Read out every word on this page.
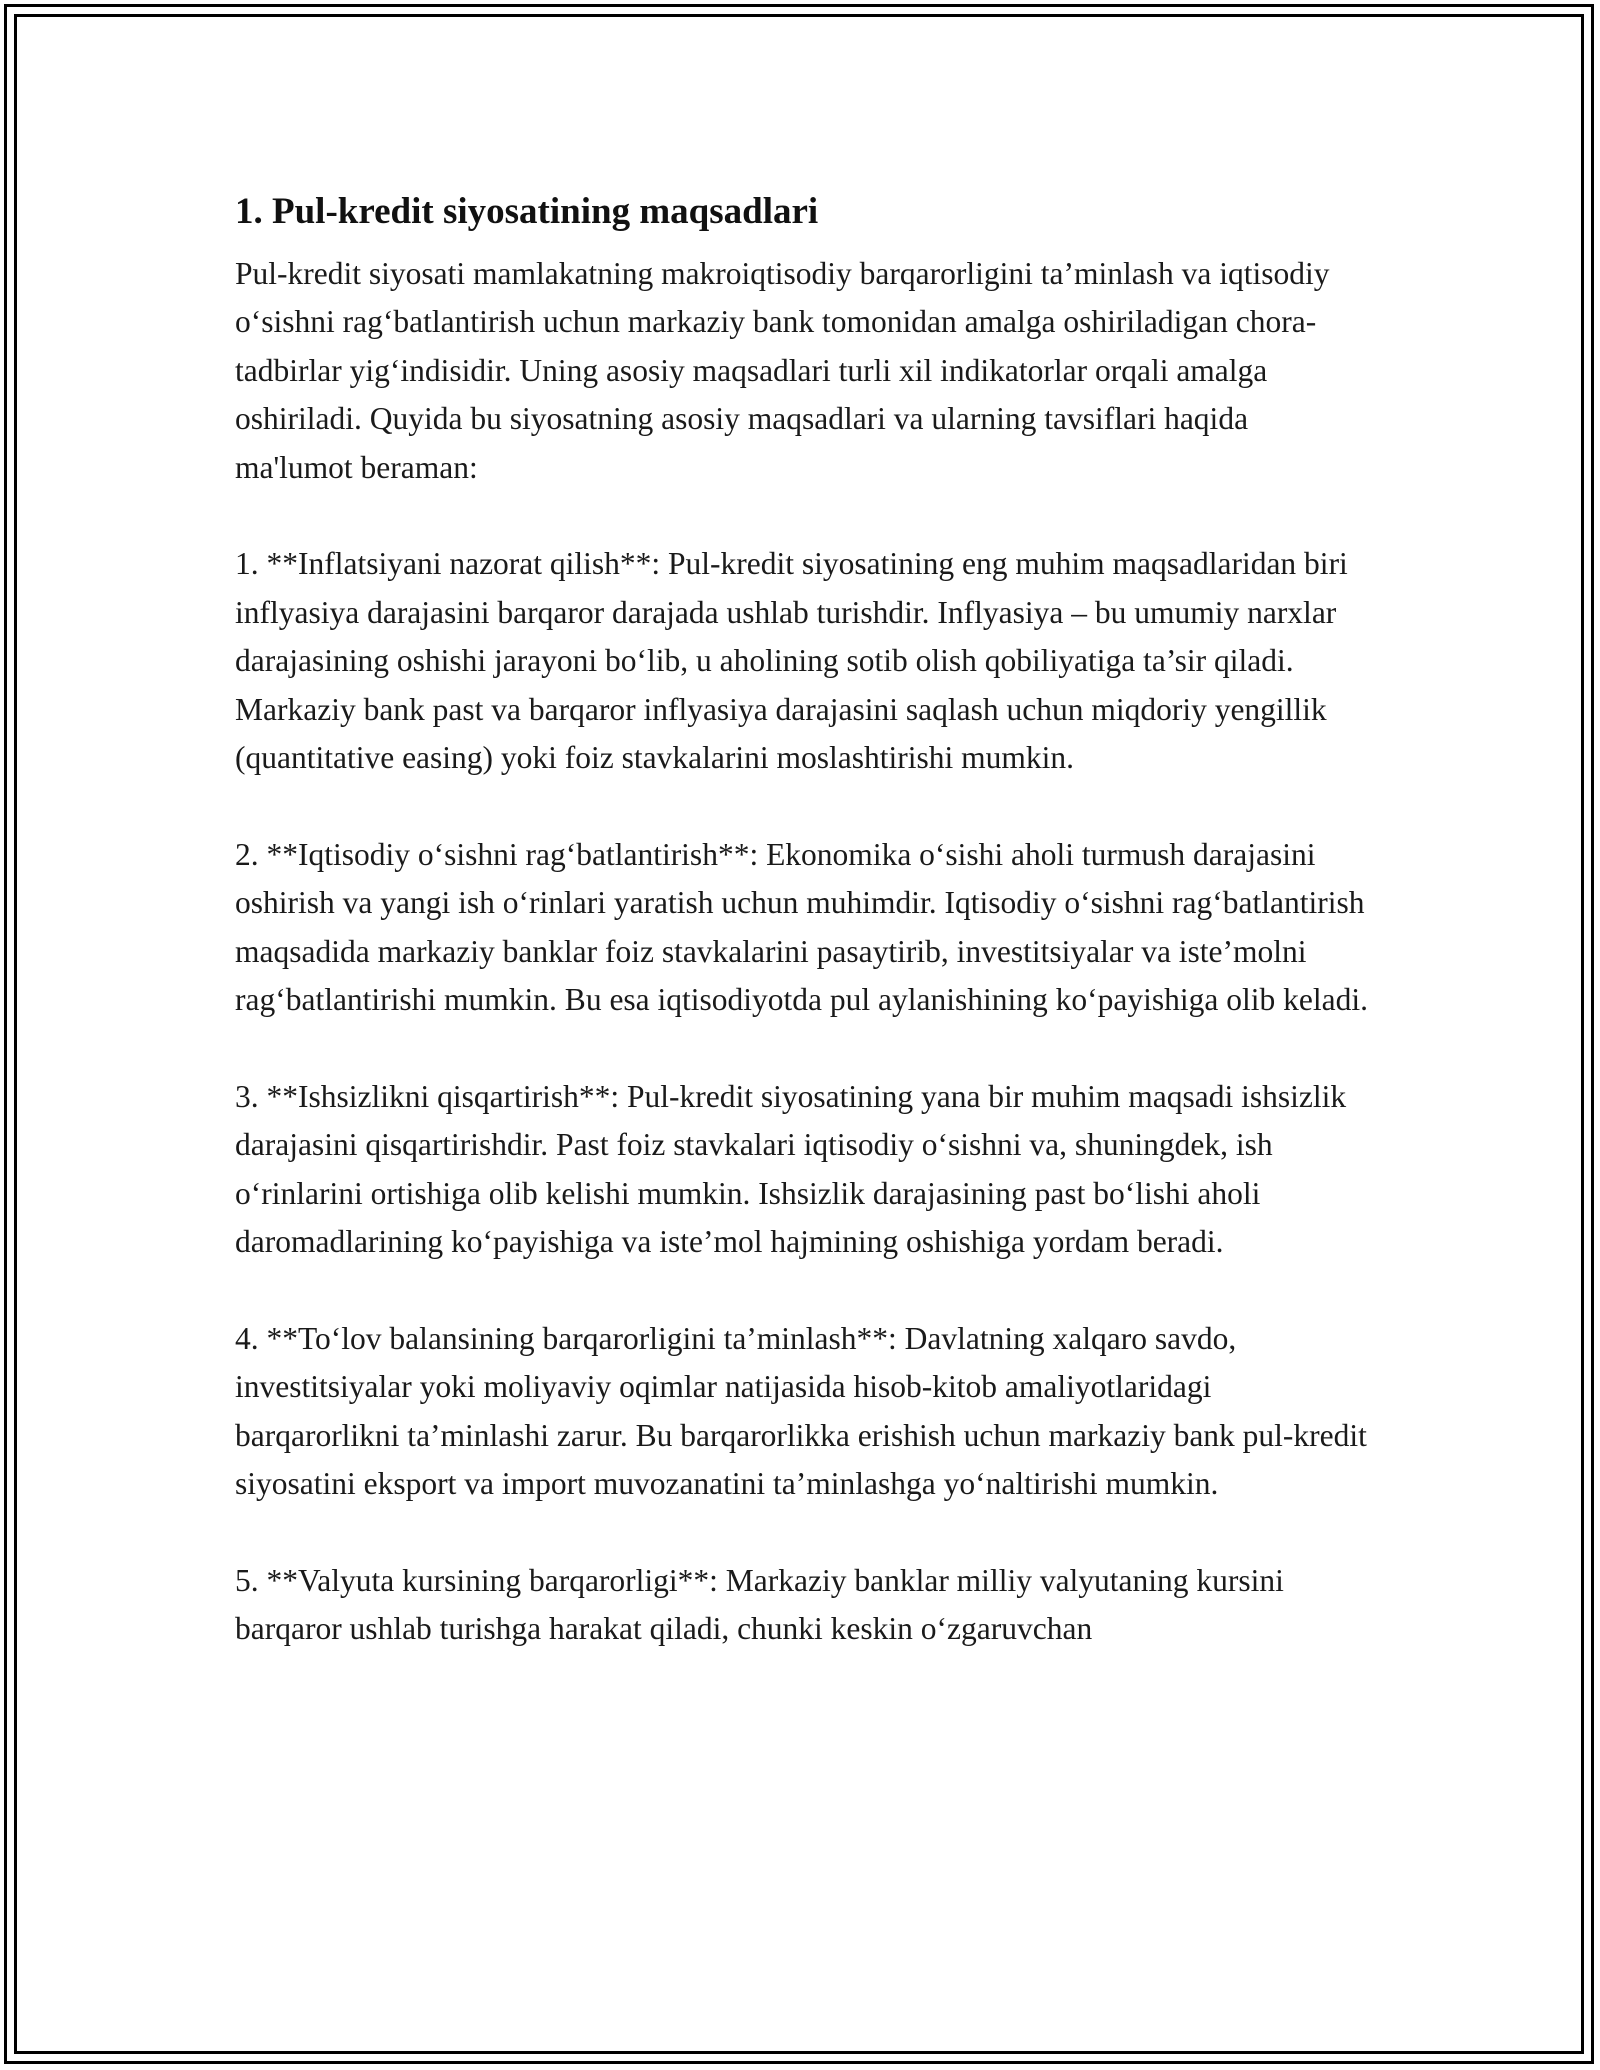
1. Pul-kredit siyosatining maqsadlari

Pul-kredit siyosati mamlakatning makroiqtisodiy barqarorligini ta’minlash va iqtisodiy o‘sishni rag‘batlantirish uchun markaziy bank tomonidan amalga oshiriladigan chora-tadbirlar yig‘indisidir. Uning asosiy maqsadlari turli xil indikatorlar orqali amalga oshiriladi. Quyida bu siyosatning asosiy maqsadlari va ularning tavsiflari haqida ma'lumot beraman:

1. **Inflatsiyani nazorat qilish**: Pul-kredit siyosatining eng muhim maqsadlaridan biri inflyasiya darajasini barqaror darajada ushlab turishdir. Inflyasiya – bu umumiy narxlar darajasining oshishi jarayoni bo‘lib, u aholining sotib olish qobiliyatiga ta’sir qiladi. Markaziy bank past va barqaror inflyasiya darajasini saqlash uchun miqdoriy yengillik (quantitative easing) yoki foiz stavkalarini moslashtirishi mumkin.

2. **Iqtisodiy o‘sishni rag‘batlantirish**: Ekonomika o‘sishi aholi turmush darajasini oshirish va yangi ish o‘rinlari yaratish uchun muhimdir. Iqtisodiy o‘sishni rag‘batlantirish maqsadida markaziy banklar foiz stavkalarini pasaytirib, investitsiyalar va iste’molni rag‘batlantirishi mumkin. Bu esa iqtisodiyotda pul aylanishining ko‘payishiga olib keladi.

3. **Ishsizlikni qisqartirish**: Pul-kredit siyosatining yana bir muhim maqsadi ishsizlik darajasini qisqartirishdir. Past foiz stavkalari iqtisodiy o‘sishni va, shuningdek, ish o‘rinlarini ortishiga olib kelishi mumkin. Ishsizlik darajasining past bo‘lishi aholi daromadlarining ko‘payishiga va iste’mol hajmining oshishiga yordam beradi.

4. **To‘lov balansining barqarorligini ta’minlash**: Davlatning xalqaro savdo, investitsiyalar yoki moliyaviy oqimlar natijasida hisob-kitob amaliyotlaridagi barqarorlikni ta’minlashi zarur. Bu barqarorlikka erishish uchun markaziy bank pul-kredit siyosatini eksport va import muvozanatini ta’minlashga yo‘naltirishi mumkin.

5. **Valyuta kursining barqarorligi**: Markaziy banklar milliy valyutaning kursini barqaror ushlab turishga harakat qiladi, chunki keskin o‘zgaruvchan
